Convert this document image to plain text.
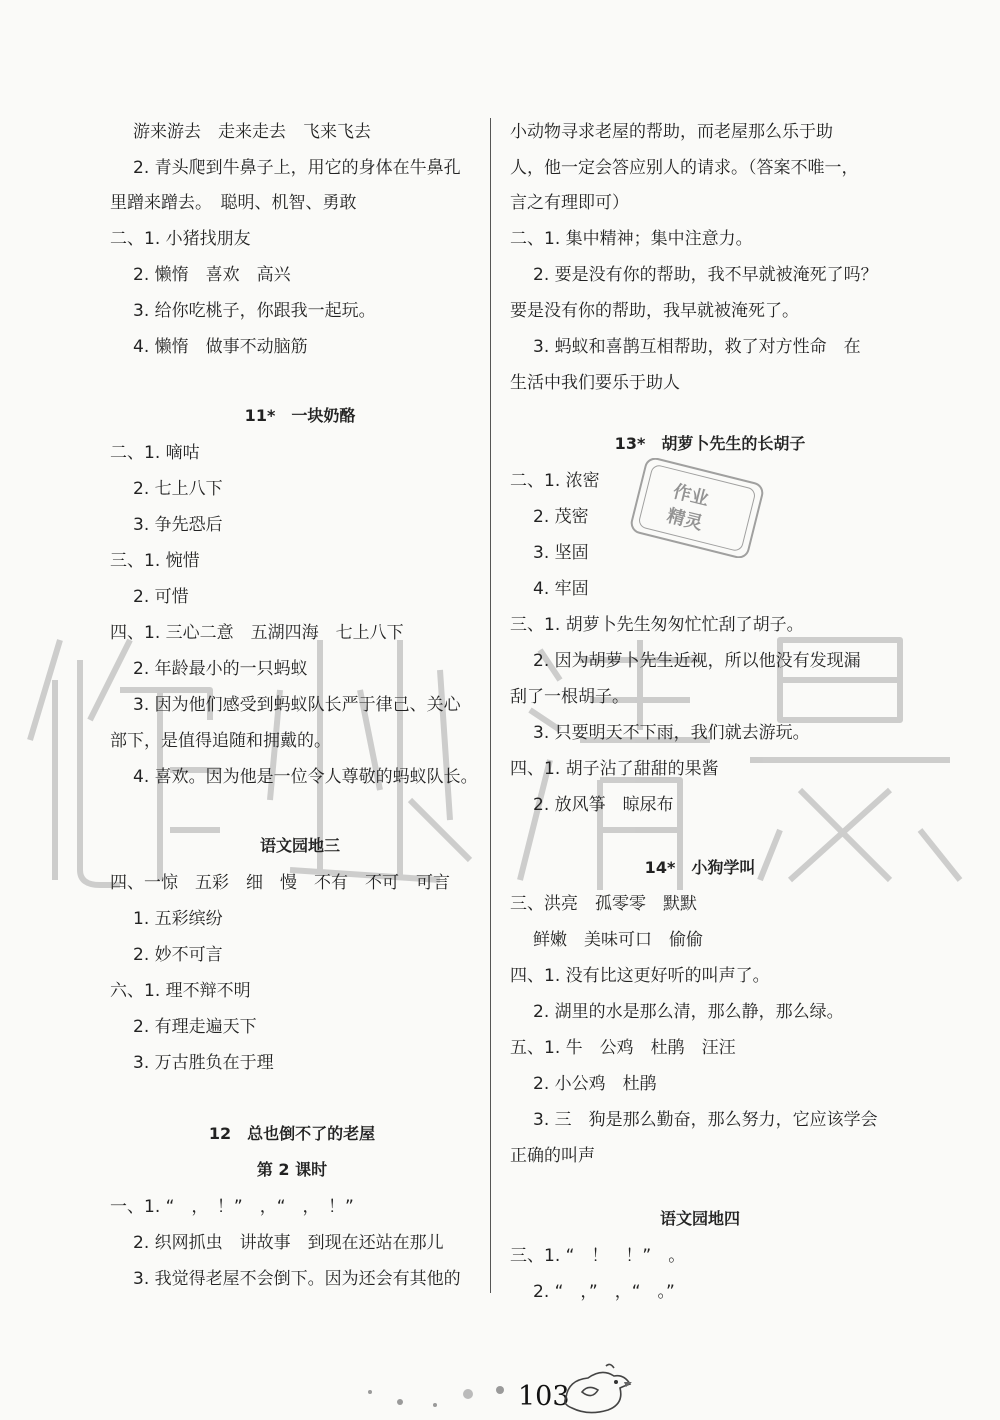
作业
精灵
游来游去　走来走去　飞来飞去
2. 青头爬到牛鼻子上，用它的身体在牛鼻孔
里蹭来蹭去。　聪明、机智、勇敢
二、1. 小猪找朋友
2. 懒惰　喜欢　高兴
3. 给你吃桃子，你跟我一起玩。
4. 懒惰　做事不动脑筋
11*　一块奶酪
二、1. 嘀咕
2. 七上八下
3. 争先恐后
三、1. 惋惜
2. 可惜
四、1. 三心二意　五湖四海　七上八下
2. 年龄最小的一只蚂蚁
3. 因为他们感受到蚂蚁队长严于律己、关心
部下，是值得追随和拥戴的。
4. 喜欢。因为他是一位令人尊敬的蚂蚁队长。
语文园地三
四、一惊　五彩　细　慢　不有　不可　可言
1. 五彩缤纷
2. 妙不可言
六、1. 理不辩不明
2. 有理走遍天下
3. 万古胜负在于理
12　总也倒不了的老屋
第 2 课时
一、1. “　，　！”　，“　，　！”
2. 织网抓虫　讲故事　到现在还站在那儿
3. 我觉得老屋不会倒下。因为还会有其他的
小动物寻求老屋的帮助，而老屋那么乐于助
人，他一定会答应别人的请求。（答案不唯一，
言之有理即可）
二、1. 集中精神；集中注意力。
2. 要是没有你的帮助，我不早就被淹死了吗？
要是没有你的帮助，我早就被淹死了。
3. 蚂蚁和喜鹊互相帮助，救了对方性命　在
生活中我们要乐于助人
13*　胡萝卜先生的长胡子
二、1. 浓密
2. 茂密
3. 坚固
4. 牢固
三、1. 胡萝卜先生匆匆忙忙刮了胡子。
2. 因为胡萝卜先生近视，所以他没有发现漏
刮了一根胡子。
3. 只要明天不下雨，我们就去游玩。
四、1. 胡子沾了甜甜的果酱
2. 放风筝　晾尿布
14*　小狗学叫
三、洪亮　孤零零　默默
鲜嫩　美味可口　偷偷
四、1. 没有比这更好听的叫声了。
2. 湖里的水是那么清，那么静，那么绿。
五、1. 牛　公鸡　杜鹃　汪汪
2. 小公鸡　杜鹃
3. 三　狗是那么勤奋，那么努力，它应该学会
正确的叫声
语文园地四
三、1. “　！　！”　。
2. “　，”　，“　。”
103
